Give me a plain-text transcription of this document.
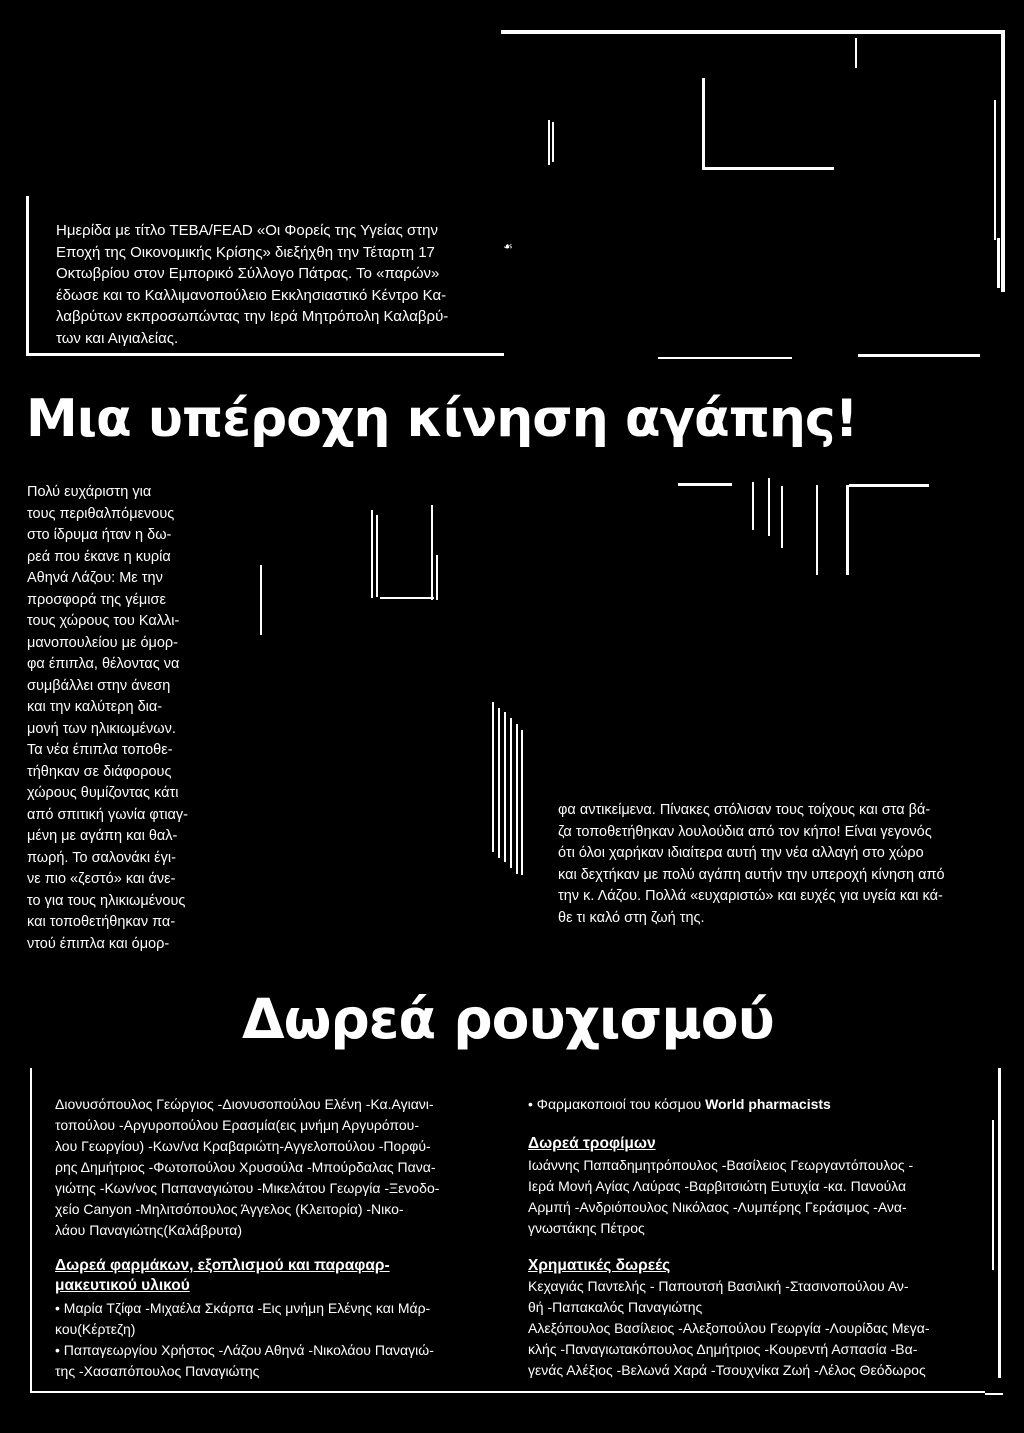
Ημερίδα με τίτλο ΤΕΒΑ/FEAD «Οι Φορείς της Υγείας στην
Εποχή της Οικονομικής Κρίσης» διεξήχθη την Τέταρτη 17
Οκτωβρίου στον Εμπορικό Σύλλογο Πάτρας. Το «παρών»
έδωσε και το Καλλιμανοπούλειο Εκκλησιαστικό Κέντρο Κα-
λαβρύτων εκπροσωπώντας την Ιερά Μητρόπολη Καλαβρύ-
των και Αιγιαλείας.
☙
Μια υπέροχη κίνηση αγάπης!
Πολύ ευχάριστη για
τους περιθαλπόμενους
στο ίδρυμα ήταν η δω-
ρεά που έκανε η κυρία
Αθηνά Λάζου: Με την
προσφορά της γέμισε
τους χώρους του Καλλι-
μανοπουλείου με όμορ-
φα έπιπλα, θέλοντας να
συμβάλλει στην άνεση
και την καλύτερη δια-
μονή των ηλικιωμένων.
Τα νέα έπιπλα τοποθε-
τήθηκαν σε διάφορους
χώρους θυμίζοντας κάτι
από σπιτική γωνία φτιαγ-
μένη με αγάπη και θαλ-
πωρή. Το σαλονάκι έγι-
νε πιο «ζεστό» και άνε-
το για τους ηλικιωμένους
και τοποθετήθηκαν πα-
ντού έπιπλα και όμορ-
φα αντικείμενα. Πίνακες στόλισαν τους τοίχους και στα βά-
ζα τοποθετήθηκαν λουλούδια από τον κήπο! Είναι γεγονός
ότι όλοι χαρήκαν ιδιαίτερα αυτή την νέα αλλαγή στο χώρο
και δεχτήκαν με πολύ αγάπη αυτήν την υπεροχή κίνηση από
την κ. Λάζου. Πολλά «ευχαριστώ» και ευχές για υγεία και κά-
θε τι καλό στη ζωή της.
Δωρεά ρουχισμού
Διονυσόπουλος Γεώργιος -Διονυσοπούλου Ελένη -Κα.Αγιανι-
τοπούλου -Αργυροπούλου Ερασμία(εις μνήμη Αργυρόπου-
λου Γεωργίου) -Κων/να Κραβαριώτη-Αγγελοπούλου -Πορφύ-
ρης Δημήτριος -Φωτοπούλου Χρυσούλα -Μπούρδαλας Πανα-
γιώτης -Κων/νος Παπαναγιώτου -Μικελάτου Γεωργία -Ξενοδο-
χείο Canyon -Μηλιτσόπουλος Άγγελος (Κλειτορία) -Νικο-
λάου Παναγιώτης(Καλάβρυτα)
Δωρεά φαρμάκων, εξοπλισμού και παραφαρ-
μακευτικού υλικού
• Μαρία Τζίφα -Μιχαέλα Σκάρπα -Εις μνήμη Ελένης και Μάρ-
κου(Κέρτεζη)
• Παπαγεωργίου Χρήστος -Λάζου Αθηνά -Νικολάου Παναγιώ-
της -Χασαπόπουλος Παναγιώτης
• Φαρμακοποιοί του κόσμου World pharmacists
Δωρεά τροφίμων
Ιωάννης Παπαδημητρόπουλος -Βασίλειος Γεωργαντόπουλος -
Ιερά Μονή Αγίας Λαύρας -Βαρβιτσιώτη Ευτυχία -κα. Πανούλα
Αρμπή -Ανδριόπουλος Νικόλαος -Λυμπέρης Γεράσιμος -Ανα-
γνωστάκης Πέτρος
Χρηματικές δωρεές
Κεχαγιάς Παντελής - Παπουτσή Βασιλική -Στασινοπούλου Αν-
θή -Παπακαλός Παναγιώτης
Αλεξόπουλος Βασίλειος -Αλεξοπούλου Γεωργία -Λουρίδας Μεγα-
κλής -Παναγιωτακόπουλος Δημήτριος -Κουρεντή Ασπασία -Βα-
γενάς Αλέξιος -Βελωνά Χαρά -Τσουχνίκα Ζωή -Λέλος Θεόδωρος
